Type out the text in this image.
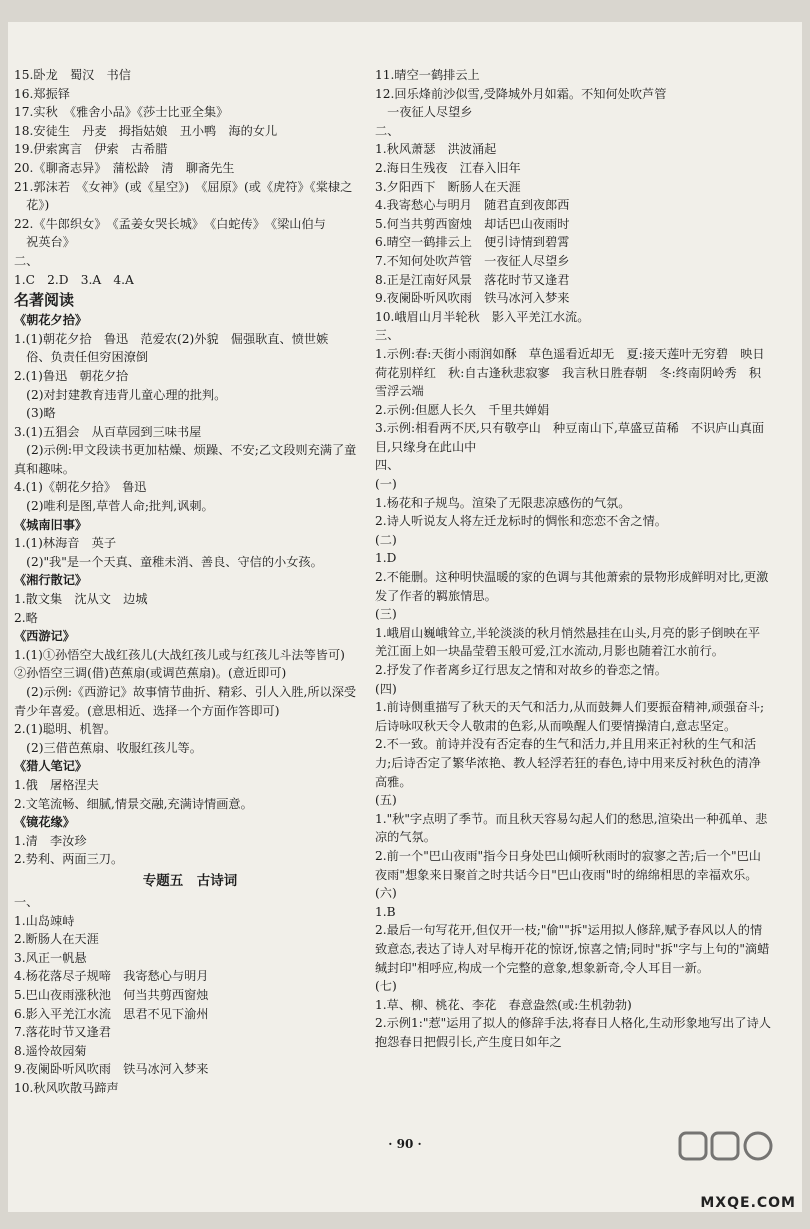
15.卧龙　蜀汉　书信
16.郑振铎
17.实秋　《雅舍小品》《莎士比亚全集》
18.安徒生　丹麦　拇指姑娘　丑小鸭　海的女儿
19.伊索寓言　伊索　古希腊
20.《聊斋志异》　蒲松龄　清　聊斋先生
21.郭沫若　《女神》(或《星空》)　《屈原》(或《虎符》《棠棣之
　花》)
22.《牛郎织女》　《孟姜女哭长城》　《白蛇传》　《梁山伯与
　祝英台》
二、
1.C　2.D　3.A　4.A
名著阅读
《朝花夕拾》
1.(1)朝花夕拾　鲁迅　范爱农(2)外貌　倔强耿直、愤世嫉
　俗、负责任但穷困潦倒
2.(1)鲁迅　朝花夕拾
　(2)对封建教育违背儿童心理的批判。
　(3)略
3.(1)五猖会　从百草园到三味书屋
　(2)示例:甲文段读书更加枯燥、烦躁、不安;乙文段则充满了童真和趣味。
4.(1)《朝花夕拾》　鲁迅
　(2)唯利是图,草菅人命;批判,讽刺。
《城南旧事》
1.(1)林海音　英子
　(2)"我"是一个天真、童稚未消、善良、守信的小女孩。
《湘行散记》
1.散文集　沈从文　边城
2.略
《西游记》
1.(1)①孙悟空大战红孩儿(大战红孩儿或与红孩儿斗法等皆可)　②孙悟空三调(借)芭蕉扇(或调芭蕉扇)。(意近即可)
　(2)示例:《西游记》故事情节曲折、精彩、引人入胜,所以深受青少年喜爱。(意思相近、选择一个方面作答即可)
2.(1)聪明、机智。
　(2)三借芭蕉扇、收服红孩儿等。
《猎人笔记》
1.俄　屠格涅夫
2.文笔流畅、细腻,情景交融,充满诗情画意。
《镜花缘》
1.清　李汝珍
2.势利、两面三刀。
专题五　古诗词
一、
1.山岛竦峙
2.断肠人在天涯
3.风正一帆悬
4.杨花落尽子规啼　我寄愁心与明月
5.巴山夜雨涨秋池　何当共剪西窗烛
6.影入平羌江水流　思君不见下渝州
7.落花时节又逢君
8.遥怜故园菊
9.夜阑卧听风吹雨　铁马冰河入梦来
10.秋风吹散马蹄声
11.晴空一鹤排云上
12.回乐烽前沙似雪,受降城外月如霜。不知何处吹芦管
　一夜征人尽望乡
二、
1.秋风萧瑟　洪波涌起
2.海日生残夜　江春入旧年
3.夕阳西下　断肠人在天涯
4.我寄愁心与明月　随君直到夜郎西
5.何当共剪西窗烛　却话巴山夜雨时
6.晴空一鹤排云上　便引诗情到碧霄
7.不知何处吹芦管　一夜征人尽望乡
8.正是江南好风景　落花时节又逢君
9.夜阑卧听风吹雨　铁马冰河入梦来
10.峨眉山月半轮秋　影入平羌江水流。
三、
1.示例:春:天街小雨润如酥　草色遥看近却无　夏:接天莲叶无穷碧　映日荷花别样红　秋:自古逢秋悲寂寥　我言秋日胜春朝　冬:终南阴岭秀　积雪浮云端
2.示例:但愿人长久　千里共婵娟
3.示例:相看两不厌,只有敬亭山　种豆南山下,草盛豆苗稀　不识庐山真面目,只缘身在此山中
四、
(一)
1.杨花和子规鸟。渲染了无限悲凉感伤的气氛。
2.诗人听说友人将左迁龙标时的惆怅和恋恋不舍之情。
(二)
1.D
2.不能删。这种明快温暖的家的色调与其他萧索的景物形成鲜明对比,更激发了作者的羁旅情思。
(三)
1.峨眉山巍峨耸立,半轮淡淡的秋月悄然悬挂在山头,月亮的影子倒映在平羌江面上如一块晶莹碧玉般可爱,江水流动,月影也随着江水前行。
2.抒发了作者离乡辽行思友之情和对故乡的眷恋之情。
(四)
1.前诗侧重描写了秋天的天气和活力,从而鼓舞人们要振奋精神,顽强奋斗;后诗咏叹秋天令人敬肃的色彩,从而唤醒人们要情操清白,意志坚定。
2.不一致。前诗并没有否定春的生气和活力,并且用来正衬秋的生气和活力;后诗否定了繁华浓艳、教人轻浮若狂的春色,诗中用来反衬秋色的清净高雅。
(五)
1."秋"字点明了季节。而且秋天容易勾起人们的愁思,渲染出一种孤单、悲凉的气氛。
2.前一个"巴山夜雨"指今日身处巴山倾听秋雨时的寂寥之苦;后一个"巴山夜雨"想象来日聚首之时共话今日"巴山夜雨"时的绵绵相思的幸福欢乐。
(六)
1.B
2.最后一句写花开,但仅开一枝;"偷""拆"运用拟人修辞,赋予春风以人的情致意态,表达了诗人对早梅开花的惊讶,惊喜之情;同时"拆"字与上句的"滴蜡缄封印"相呼应,构成一个完整的意象,想象新奇,令人耳目一新。
(七)
1.草、柳、桃花、李花　春意盎然(或:生机勃勃)
2.示例1:"惹"运用了拟人的修辞手法,将春日人格化,生动形象地写出了诗人抱怨春日把假引长,产生度日如年之
· 90 ·
MXQE.COM
